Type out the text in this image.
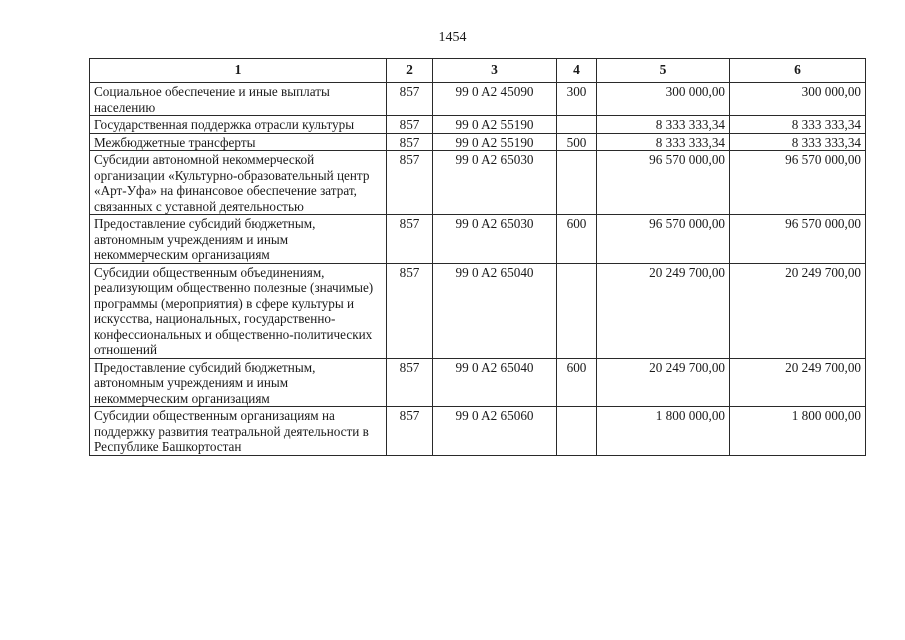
1454
1	2	3	4	5	6
Социальное обеспечение и иные выплаты населению	857	99 0 A2 45090	300	300 000,00	300 000,00
Государственная поддержка отрасли культуры	857	99 0 A2 55190		8 333 333,34	8 333 333,34
Межбюджетные трансферты	857	99 0 A2 55190	500	8 333 333,34	8 333 333,34
Субсидии автономной некоммерческой организации «Культурно-образовательный центр «Арт-Уфа» на финансовое обеспечение затрат, связанных с уставной деятельностью	857	99 0 A2 65030		96 570 000,00	96 570 000,00
Предоставление субсидий бюджетным, автономным учреждениям и иным некоммерческим организациям	857	99 0 A2 65030	600	96 570 000,00	96 570 000,00
Субсидии общественным объединениям, реализующим общественно полезные (значимые) программы (мероприятия) в сфере культуры и искусства, национальных, государственно-конфессиональных и общественно-политических отношений	857	99 0 A2 65040		20 249 700,00	20 249 700,00
Предоставление субсидий бюджетным, автономным учреждениям и иным некоммерческим организациям	857	99 0 A2 65040	600	20 249 700,00	20 249 700,00
Субсидии общественным организациям на поддержку развития театральной деятельности в Республике Башкортостан	857	99 0 A2 65060		1 800 000,00	1 800 000,00
